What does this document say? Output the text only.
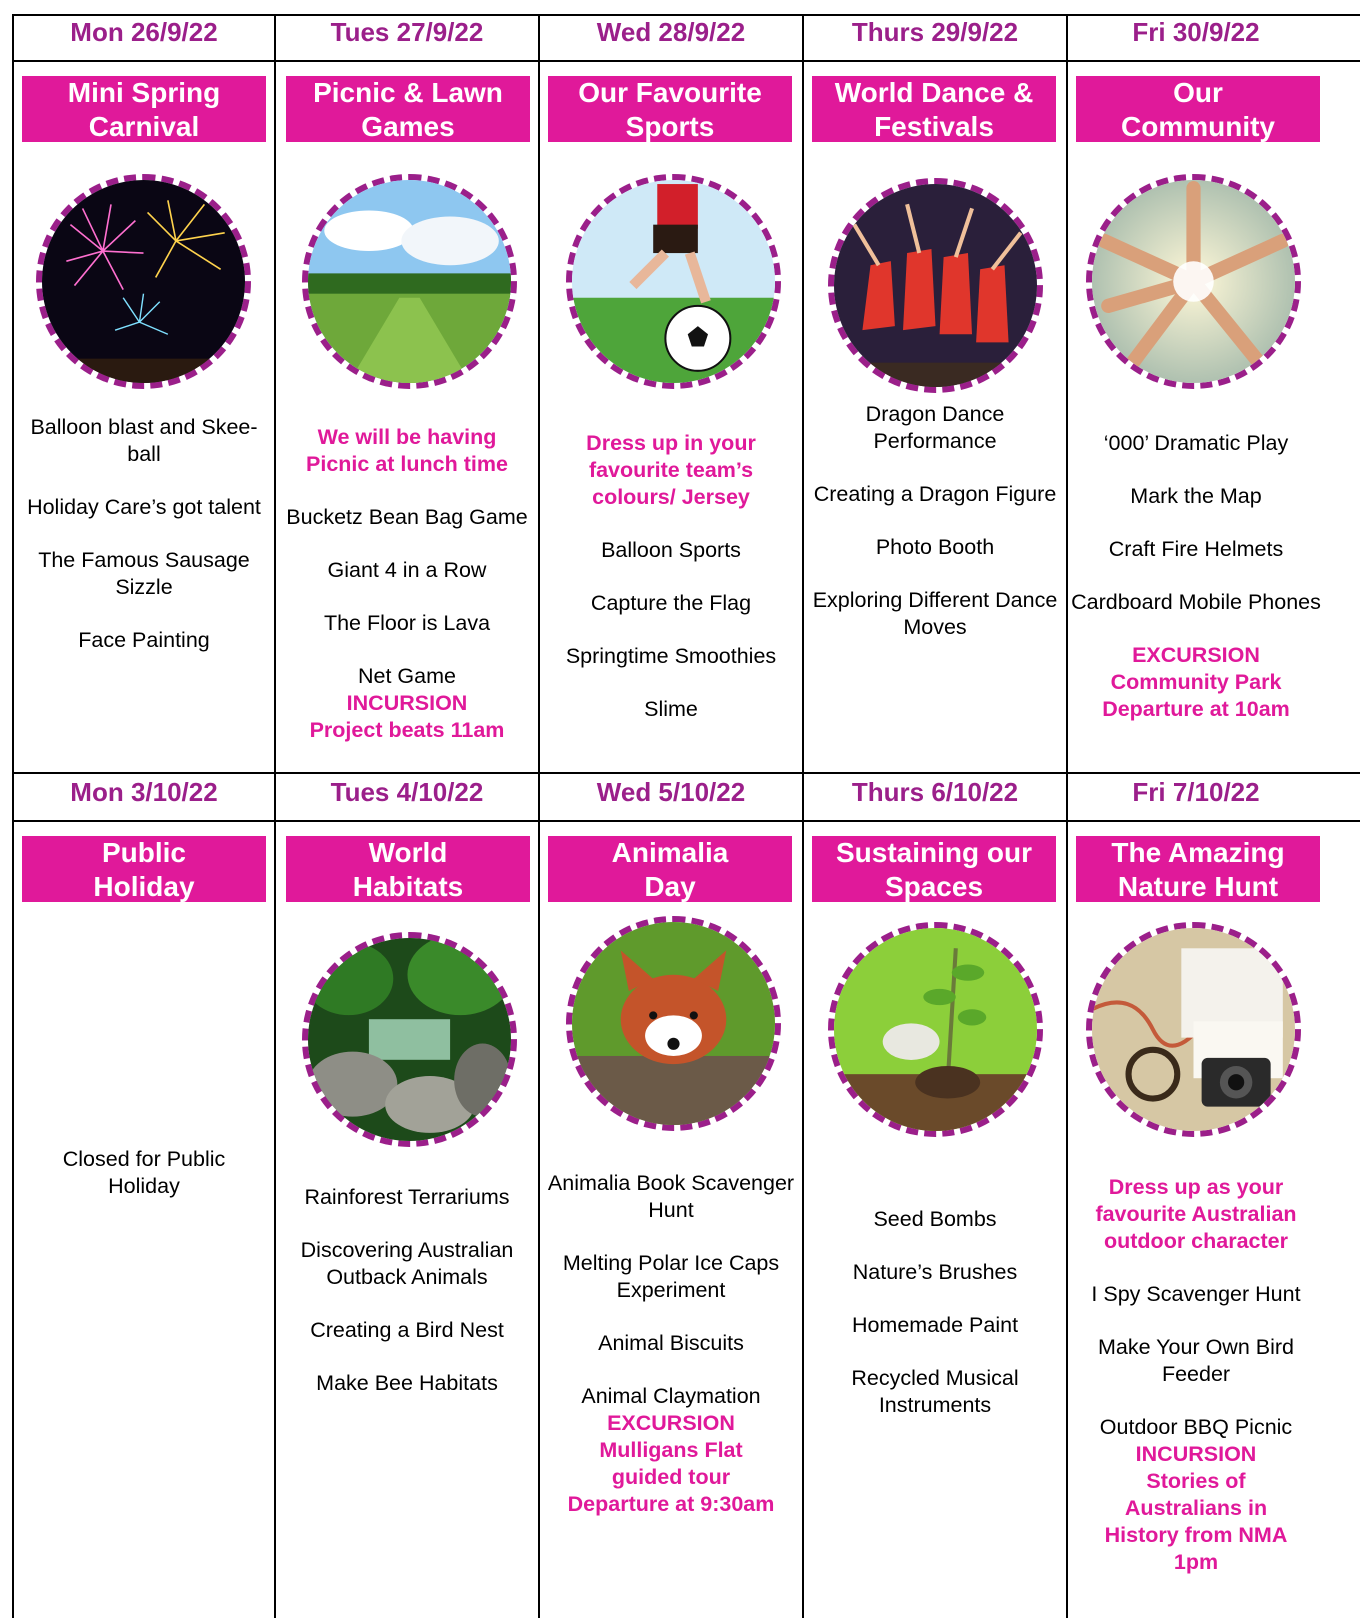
Mon 26/9/22
Mini Spring
Carnival
Balloon blast and Skee-ball
Holiday Care’s got talent
The Famous Sausage Sizzle
Face Painting
Tues 27/9/22
Picnic & Lawn
Games
We will be having
Picnic at lunch time
Bucketz Bean Bag Game
Giant 4 in a Row
The Floor is Lava
Net Game
INCURSION
Project beats 11am
Wed 28/9/22
Our Favourite
Sports
Dress up in your
favourite team’s
colours/ Jersey
Balloon Sports
Capture the Flag
Springtime Smoothies
Slime
Thurs 29/9/22
World Dance &
Festivals
Dragon Dance Performance
Creating a Dragon Figure
Photo Booth
Exploring Different Dance Moves
Fri 30/9/22
Our
Community
‘000’ Dramatic Play
Mark the Map
Craft Fire Helmets
Cardboard Mobile Phones
EXCURSION
Community Park
Departure at 10am
Mon 3/10/22
Public
Holiday
Closed for Public Holiday
Tues 4/10/22
World
Habitats
Rainforest Terrariums
Discovering Australian Outback Animals
Creating a Bird Nest
Make Bee Habitats
Wed 5/10/22
Animalia
Day
Animalia Book Scavenger Hunt
Melting Polar Ice Caps Experiment
Animal Biscuits
Animal Claymation
EXCURSION
Mulligans Flat
guided tour
Departure at 9:30am
Thurs 6/10/22
Sustaining our
Spaces
Seed Bombs
Nature’s Brushes
Homemade Paint
Recycled Musical Instruments
Fri 7/10/22
The Amazing
Nature Hunt
Dress up as your
favourite Australian
outdoor character
I Spy Scavenger Hunt
Make Your Own Bird Feeder
Outdoor BBQ Picnic
INCURSION
Stories of
Australians in
History from NMA
1pm
